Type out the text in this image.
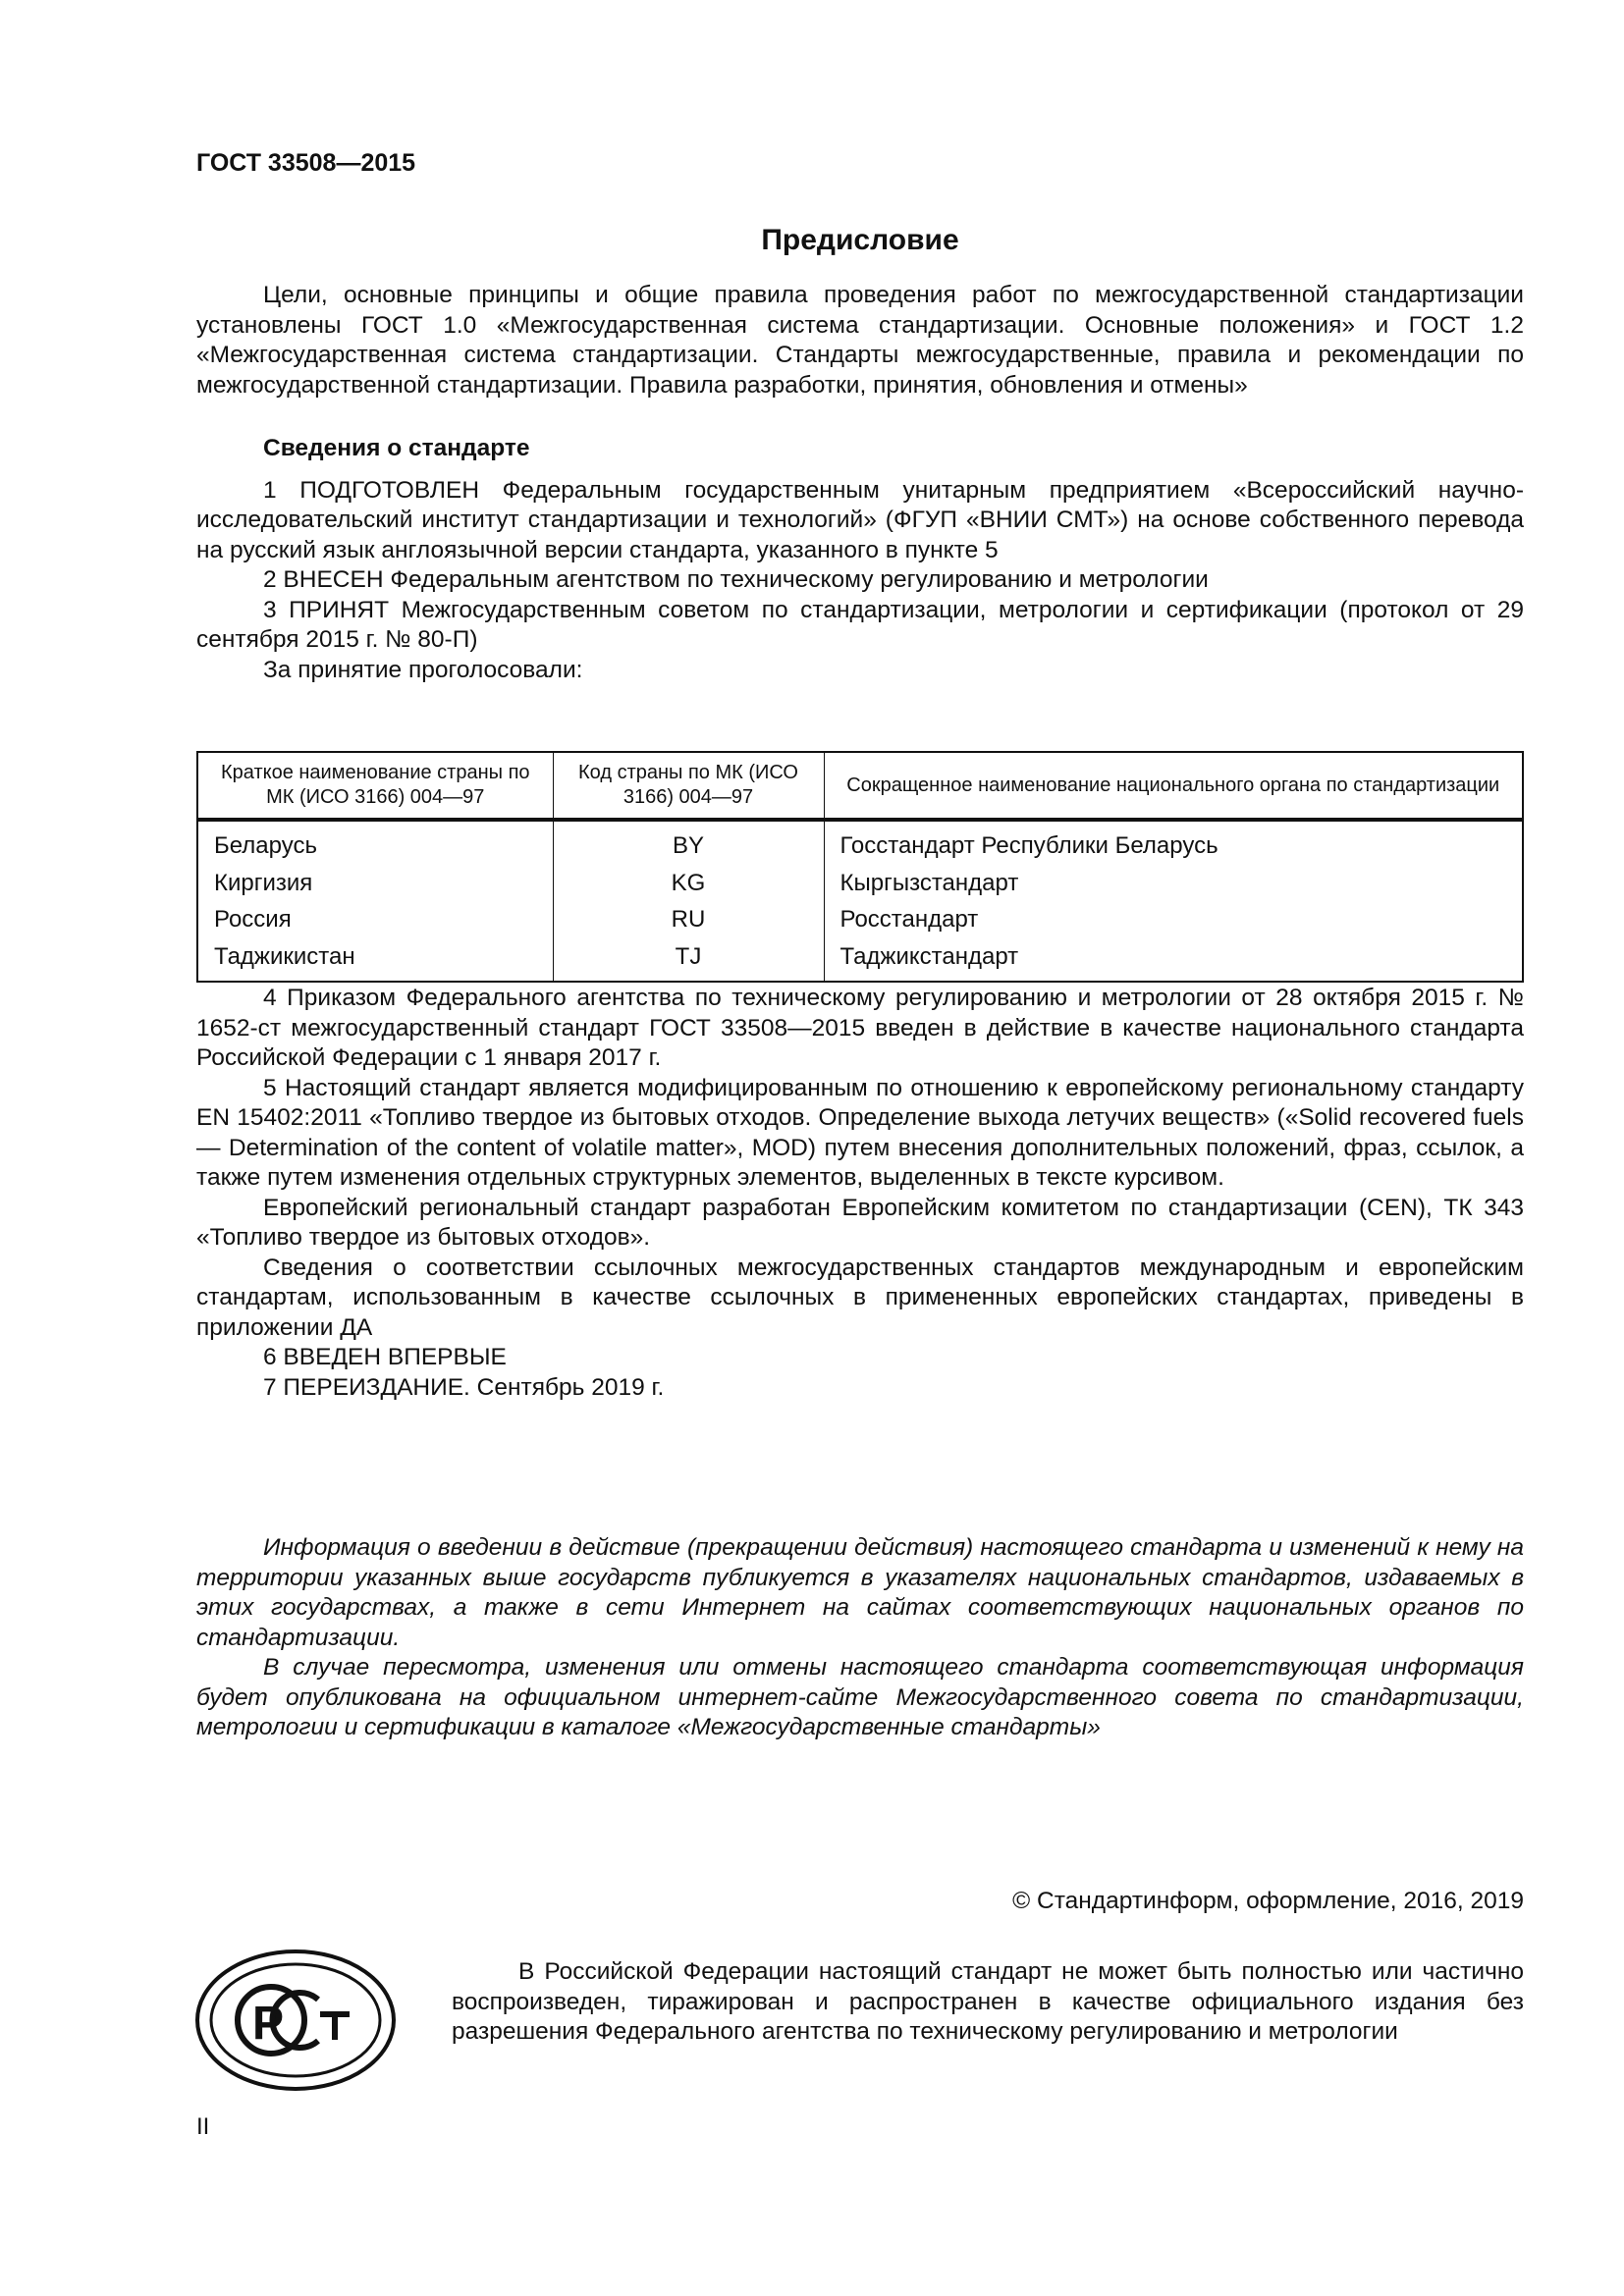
ГОСТ 33508—2015
Предисловие

Цели, основные принципы и общие правила проведения работ по межгосударственной стандартизации установлены ГОСТ 1.0 «Межгосударственная система стандартизации. Основные положения» и ГОСТ 1.2 «Межгосударственная система стандартизации. Стандарты межгосударственные, правила и рекомендации по межгосударственной стандартизации. Правила разработки, принятия, обновления и отмены»

Сведения о стандарте

1 ПОДГОТОВЛЕН Федеральным государственным унитарным предприятием «Всероссийский научно-исследовательский институт стандартизации и технологий» (ФГУП «ВНИИ СМТ») на основе собственного перевода на русский язык англоязычной версии стандарта, указанного в пункте 5

2 ВНЕСЕН Федеральным агентством по техническому регулированию и метрологии

3 ПРИНЯТ Межгосударственным советом по стандартизации, метрологии и сертификации (протокол от 29 сентября 2015 г. № 80-П)

За принятие проголосовали:

Краткое наименование страны по МК (ИСО 3166) 004—97	Код страны по МК (ИСО 3166) 004—97	Сокращенное наименование национального органа по стандартизации
Беларусь	BY	Госстандарт Республики Беларусь
Киргизия	KG	Кыргызстандарт
Россия	RU	Росстандарт
Таджикистан	TJ	Таджикстандарт

4 Приказом Федерального агентства по техническому регулированию и метрологии от 28 октября 2015 г. № 1652-ст межгосударственный стандарт ГОСТ 33508—2015 введен в действие в качестве национального стандарта Российской Федерации с 1 января 2017 г.

5 Настоящий стандарт является модифицированным по отношению к европейскому региональному стандарту EN 15402:2011 «Топливо твердое из бытовых отходов. Определение выхода летучих веществ» («Solid recovered fuels — Determination of the content of volatile matter», MOD) путем внесения дополнительных положений, фраз, ссылок, а также путем изменения отдельных структурных элементов, выделенных в тексте курсивом.

Европейский региональный стандарт разработан Европейским комитетом по стандартизации (CEN), ТК 343 «Топливо твердое из бытовых отходов».

Сведения о соответствии ссылочных межгосударственных стандартов международным и европейским стандартам, использованным в качестве ссылочных в примененных европейских стандартах, приведены в приложении ДА

6 ВВЕДЕН ВПЕРВЫЕ

7 ПЕРЕИЗДАНИЕ. Сентябрь 2019 г.

Информация о введении в действие (прекращении действия) настоящего стандарта и изменений к нему на территории указанных выше государств публикуется в указателях национальных стандартов, издаваемых в этих государствах, а также в сети Интернет на сайтах соответствующих национальных органов по стандартизации.

В случае пересмотра, изменения или отмены настоящего стандарта соответствующая информация будет опубликована на официальном интернет-сайте Межгосударственного совета по стандартизации, метрологии и сертификации в каталоге «Межгосударственные стандарты»

© Стандартинформ, оформление, 2016, 2019
Р

В Российской Федерации настоящий стандарт не может быть полностью или частично воспроизведен, тиражирован и распространен в качестве официального издания без разрешения Федерального агентства по техническому регулированию и метрологии

II
